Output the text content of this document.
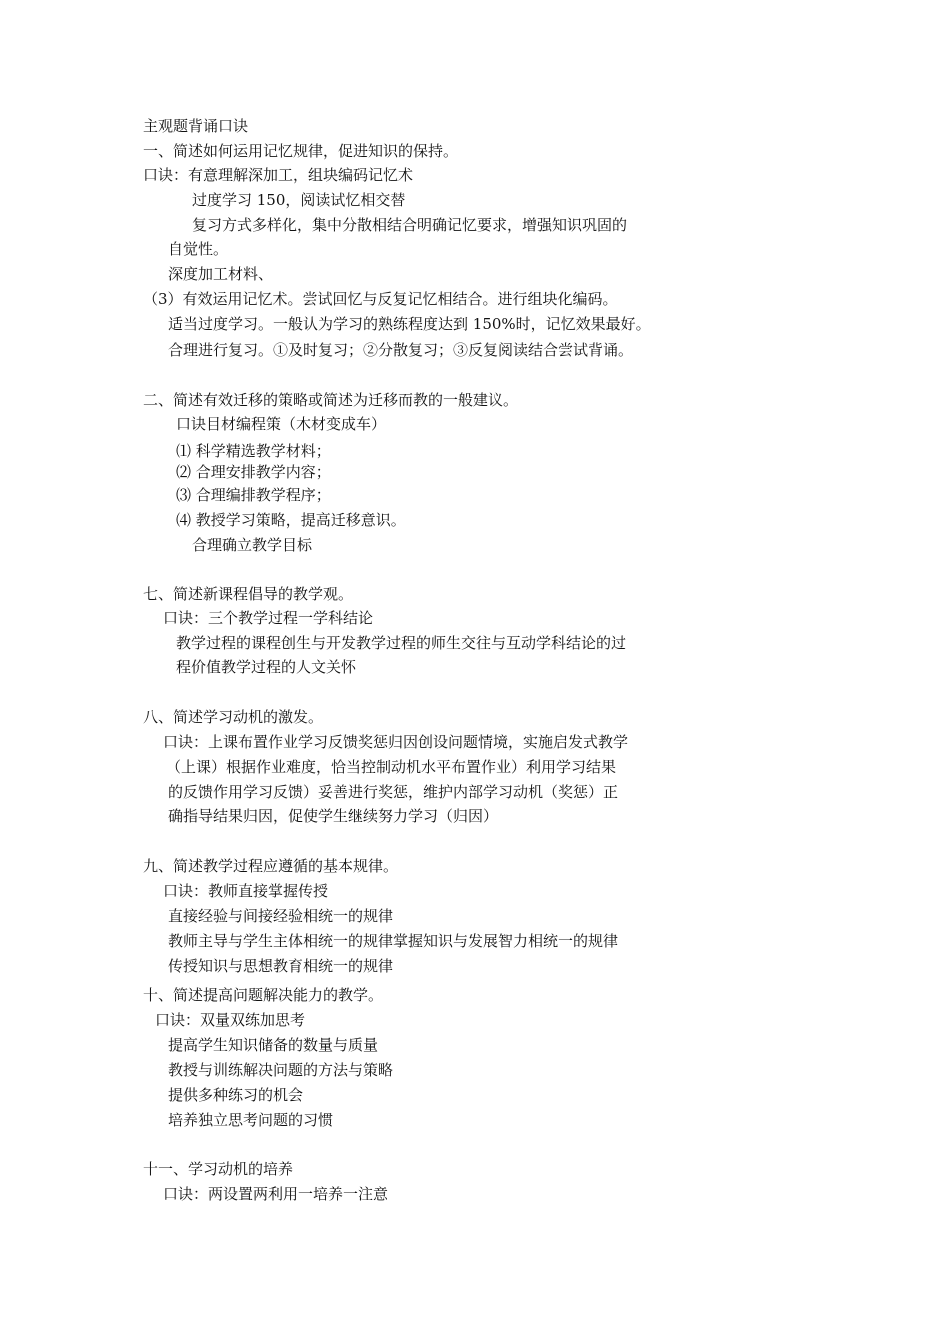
主观题背诵口诀
一、简述如何运用记忆规律，促进知识的保持。
口诀：有意理解深加工，组块编码记忆术
过度学习 150，阅读试忆相交替
复习方式多样化，集中分散相结合明确记忆要求，增强知识巩固的
自觉性。
深度加工材料、
（3）有效运用记忆术。尝试回忆与反复记忆相结合。进行组块化编码。
适当过度学习。一般认为学习的熟练程度达到 150%时，记忆效果最好。
合理进行复习。①及时复习；②分散复习；③反复阅读结合尝试背诵。
二、简述有效迁移的策略或简述为迁移而教的一般建议。
口诀目材编程策（木材变成车）
⑴ 科学精选教学材料；
⑵ 合理安排教学内容；
⑶ 合理编排教学程序；
⑷ 教授学习策略，提高迁移意识。
合理确立教学目标
七、简述新课程倡导的教学观。
口诀：三个教学过程一学科结论
教学过程的课程创生与开发教学过程的师生交往与互动学科结论的过
程价值教学过程的人文关怀
八、简述学习动机的激发。
口诀：上课布置作业学习反馈奖惩归因创设问题情境，实施启发式教学
（上课）根据作业难度，恰当控制动机水平布置作业）利用学习结果
的反馈作用学习反馈）妥善进行奖惩，维护内部学习动机（奖惩）正
确指导结果归因，促使学生继续努力学习（归因）
九、简述教学过程应遵循的基本规律。
口诀：教师直接掌握传授
直接经验与间接经验相统一的规律
教师主导与学生主体相统一的规律掌握知识与发展智力相统一的规律
传授知识与思想教育相统一的规律
十、简述提高问题解决能力的教学。
口诀：双量双练加思考
提高学生知识储备的数量与质量
教授与训练解决问题的方法与策略
提供多种练习的机会
培养独立思考问题的习惯
十一、学习动机的培养
口诀：两设置两利用一培养一注意
